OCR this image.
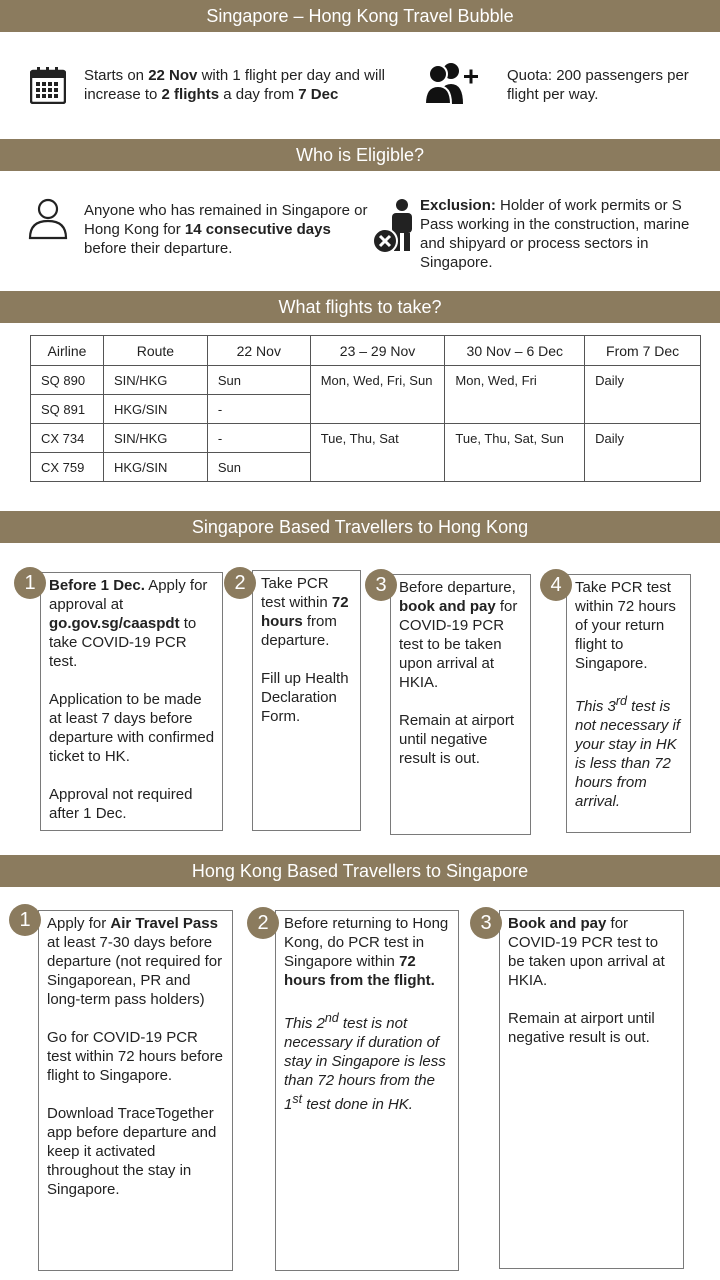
Singapore – Hong Kong Travel Bubble
Starts on 22 Nov with 1 flight per day and will increase to 2 flights a day from 7 Dec
Quota: 200 passengers per flight per way.
Who is Eligible?
Anyone who has remained in Singapore or Hong Kong for 14 consecutive days before their departure.
Exclusion: Holder of work permits or S Pass working in the construction, marine and shipyard or process sectors in Singapore.
What flights to take?
Airline	Route	22 Nov	23 – 29 Nov	30 Nov – 6 Dec	From 7 Dec
SQ 890	SIN/HKG	Sun	Mon, Wed, Fri, Sun	Mon, Wed, Fri	Daily
SQ 891	HKG/SIN	-			
CX 734	SIN/HKG	-	Tue, Thu, Sat	Tue, Thu, Sat, Sun	Daily
CX 759	HKG/SIN	Sun			
Singapore Based Travellers to Hong Kong
Before 1 Dec. Apply for approval at go.gov.sg/caaspdt to take COVID-19 PCR test.
Application to be made at least 7 days before departure with confirmed ticket to HK.
Approval not required after 1 Dec.
1	Take PCR test within 72 hours from departure.
Fill up Health Declaration Form.
2	Before departure, book and pay for COVID-19 PCR test to be taken upon arrival at HKIA.
Remain at airport until negative result is out.
3	Take PCR test within 72 hours of your return flight to Singapore.
This 3rd test is not necessary if your stay in HK is less than 72 hours from arrival.
4
Hong Kong Based Travellers to Singapore
Apply for Air Travel Pass at least 7-30 days before departure (not required for Singaporean, PR and long-term pass holders)
Go for COVID-19 PCR test within 72 hours before flight to Singapore.
Download TraceTogether app before departure and keep it activated throughout the stay in Singapore.
1	Before returning to Hong Kong, do PCR test in Singapore within 72 hours from the flight.
This 2nd test is not necessary if duration of stay in Singapore is less than 72 hours from the 1st test done in HK.
2	Book and pay for COVID-19 PCR test to be taken upon arrival at HKIA.
Remain at airport until negative result is out.
3
